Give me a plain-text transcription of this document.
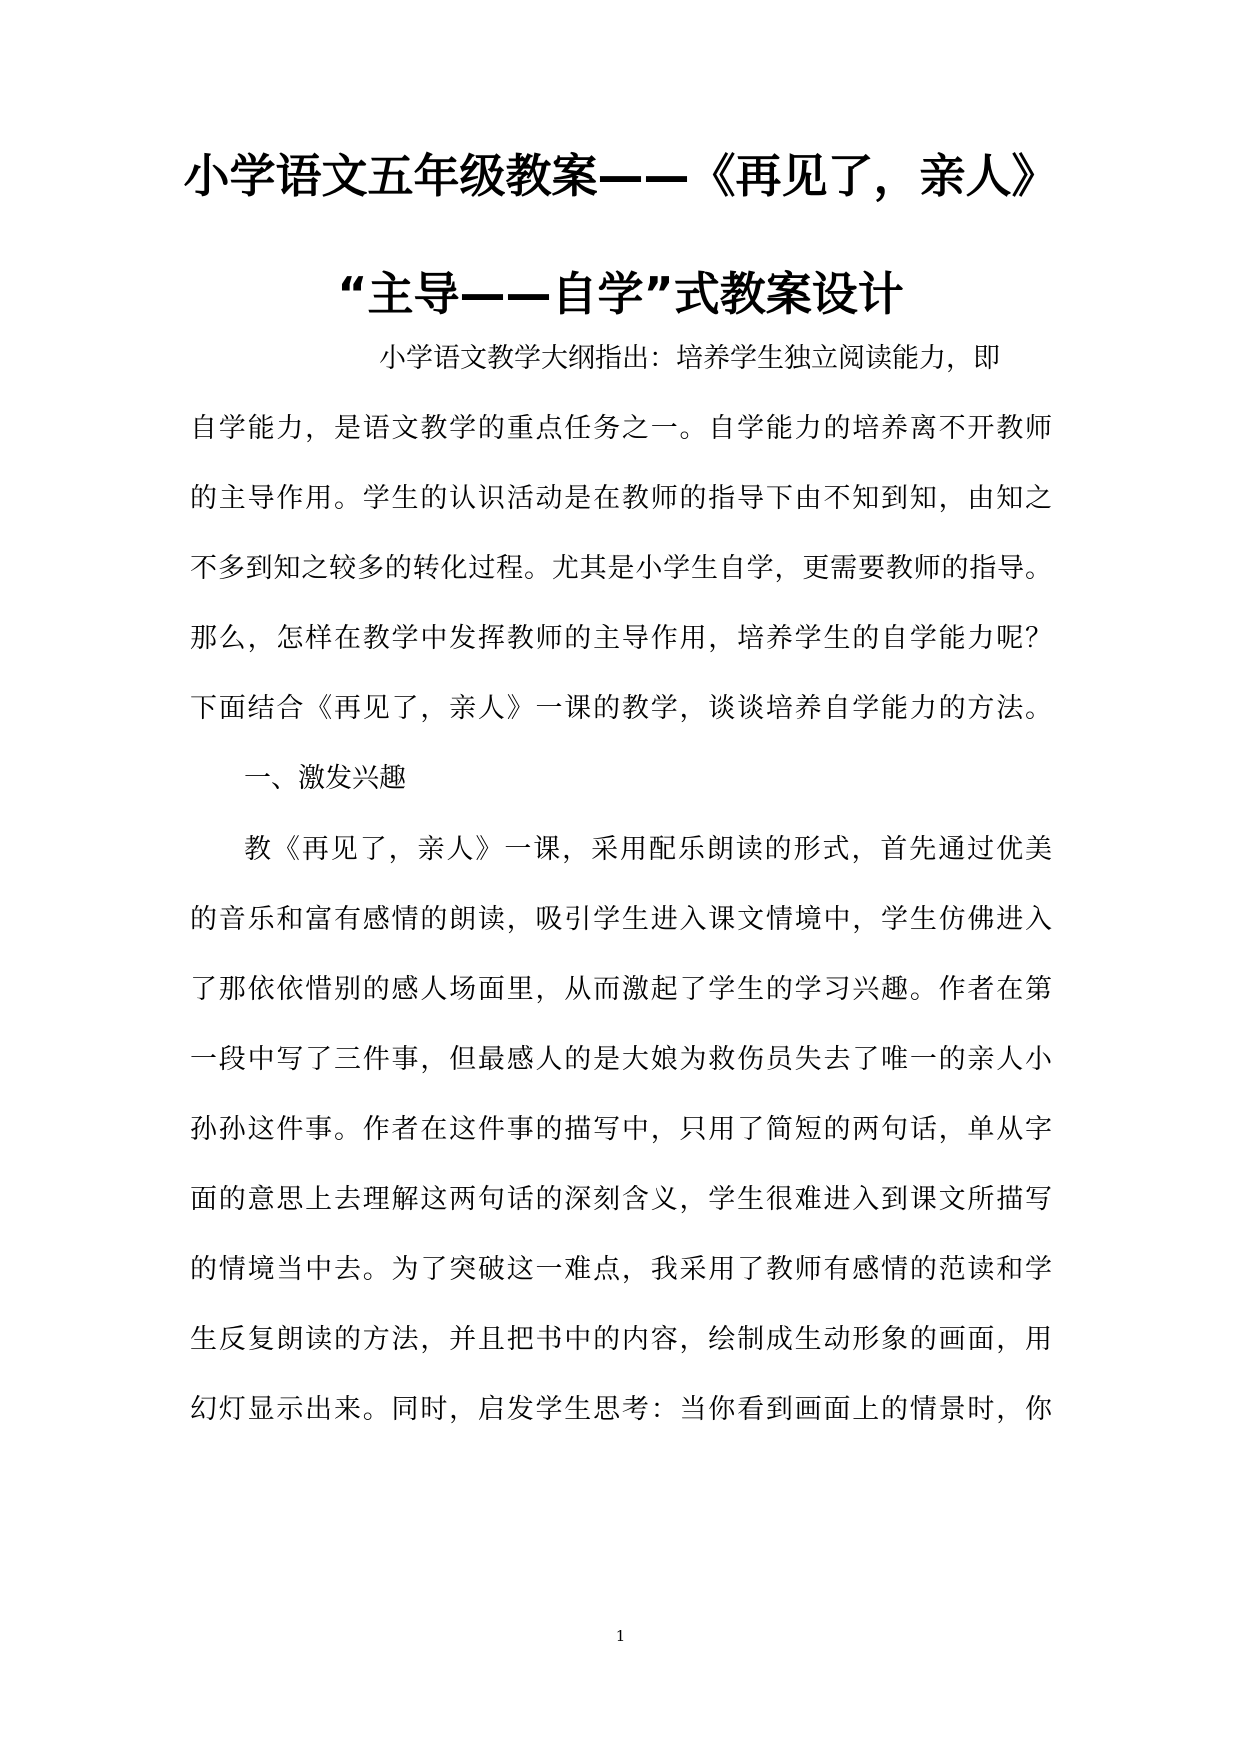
小学语文五年级教案——《再见了，亲人》
“主导——自学”式教案设计
小学语文教学大纲指出：培养学生独立阅读能力，即
自学能力，是语文教学的重点任务之一。自学能力的培养离不开教师
的主导作用。学生的认识活动是在教师的指导下由不知到知，由知之
不多到知之较多的转化过程。尤其是小学生自学，更需要教师的指导。
那么，怎样在教学中发挥教师的主导作用，培养学生的自学能力呢？
下面结合《再见了，亲人》一课的教学，谈谈培养自学能力的方法。
一、激发兴趣
教《再见了，亲人》一课，采用配乐朗读的形式，首先通过优美
的音乐和富有感情的朗读，吸引学生进入课文情境中，学生仿佛进入
了那依依惜别的感人场面里，从而激起了学生的学习兴趣。作者在第
一段中写了三件事，但最感人的是大娘为救伤员失去了唯一的亲人小
孙孙这件事。作者在这件事的描写中，只用了简短的两句话，单从字
面的意思上去理解这两句话的深刻含义，学生很难进入到课文所描写
的情境当中去。为了突破这一难点，我采用了教师有感情的范读和学
生反复朗读的方法，并且把书中的内容，绘制成生动形象的画面，用
幻灯显示出来。同时，启发学生思考：当你看到画面上的情景时，你
1
